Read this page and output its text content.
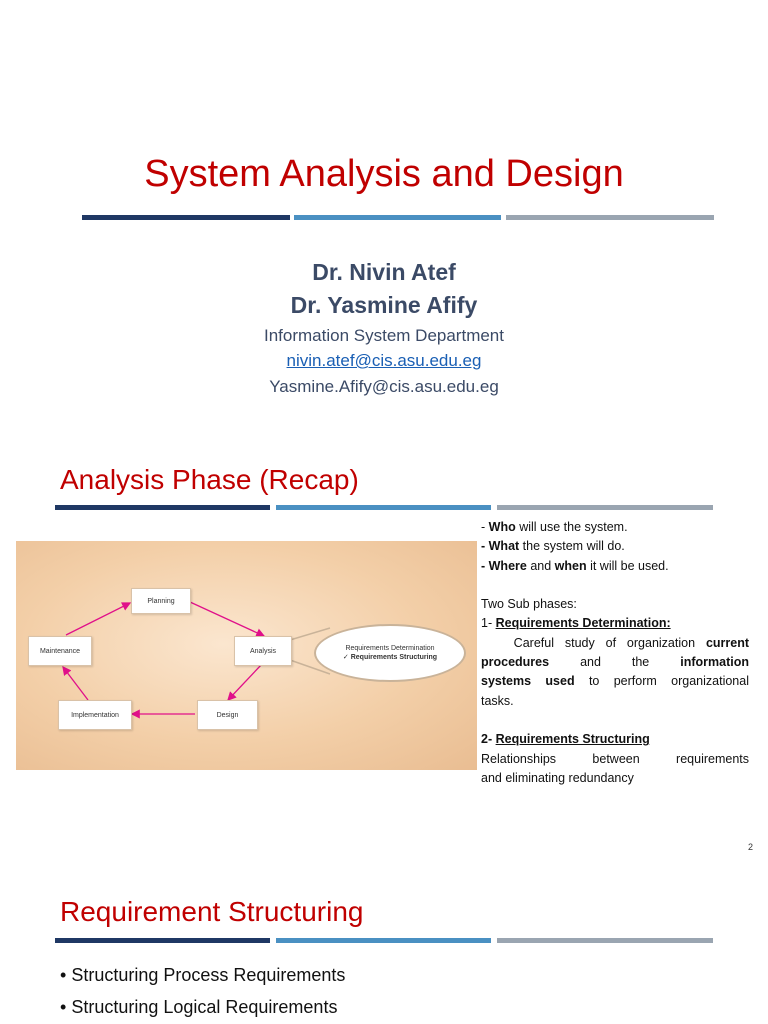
System Analysis and Design
Dr. Nivin Atef
Dr. Yasmine Afify
Information System Department
nivin.atef@cis.asu.edu.eg
Yasmine.Afify@cis.asu.edu.eg
Analysis Phase (Recap)
Planning
Analysis
Design
Implementation
Maintenance	Requirements Determination
✓ Requirements Structuring
- Who will use the system.
- What the system will do.
- Where and when it will be used.
Two Sub phases:
1- Requirements Determination:
Careful study of organization current
procedures and the information
systems used to perform organizational
tasks.
2- Requirements Structuring
Relationships between requirements
and eliminating redundancy
2
Requirement Structuring
• Structuring Process Requirements
• Structuring Logical Requirements
